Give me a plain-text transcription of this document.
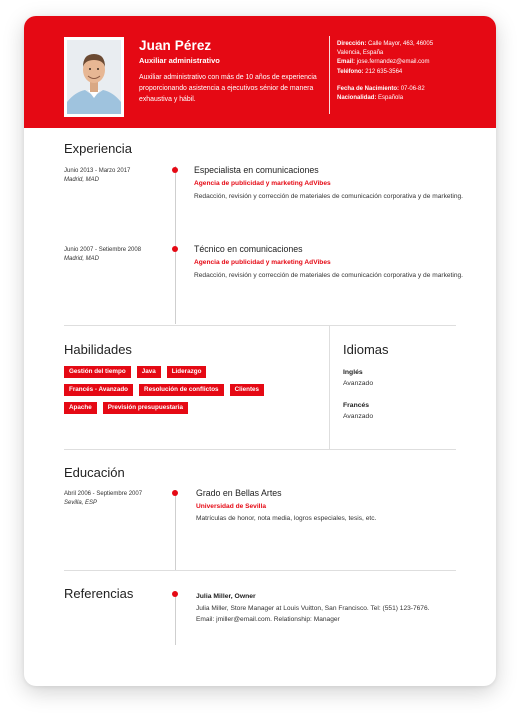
Juan Pérez
Auxiliar administrativo
Auxiliar administrativo con más de 10 años de experiencia proporcionando asistencia a ejecutivos sénior de manera exhaustiva y hábil.
Dirección: Calle Mayor, 463, 46005
Valencia, España
Email: jose.fernandez@email.com
Teléfono: 212 635-3564
Fecha de Nacimiento: 07-06-82
Nacionalidad: Española
Experiencia
Junio 2013 - Marzo 2017
Madrid, MAD
Especialista en comunicaciones
Agencia de publicidad y marketing AdVibes
Redacción, revisión y corrección de materiales de comunicación corporativa y de marketing.
Junio 2007 - Setiembre 2008
Madrid, MAD
Técnico en comunicaciones
Agencia de publicidad y marketing AdVibes
Redacción, revisión y corrección de materiales de comunicación corporativa y de marketing.
Habilidades
Gestión del tiempo	Java	Liderazgo
Francés - Avanzado	Resolución de conflictos	Clientes
Apache	Previsión presupuestaria
Idiomas
Inglés
Avanzado
Francés
Avanzado
Educación
Abril 2006 - Septiembre 2007
Sevilla, ESP
Grado en Bellas Artes
Universidad de Sevilla
Matrículas de honor, nota media, logros especiales, tesis, etc.
Referencias	Julia Miller, Owner
Julia Miller, Store Manager at Louis Vuitton, San Francisco. Tel: (551) 123-7676.
Email: jmiller@email.com. Relationship: Manager
